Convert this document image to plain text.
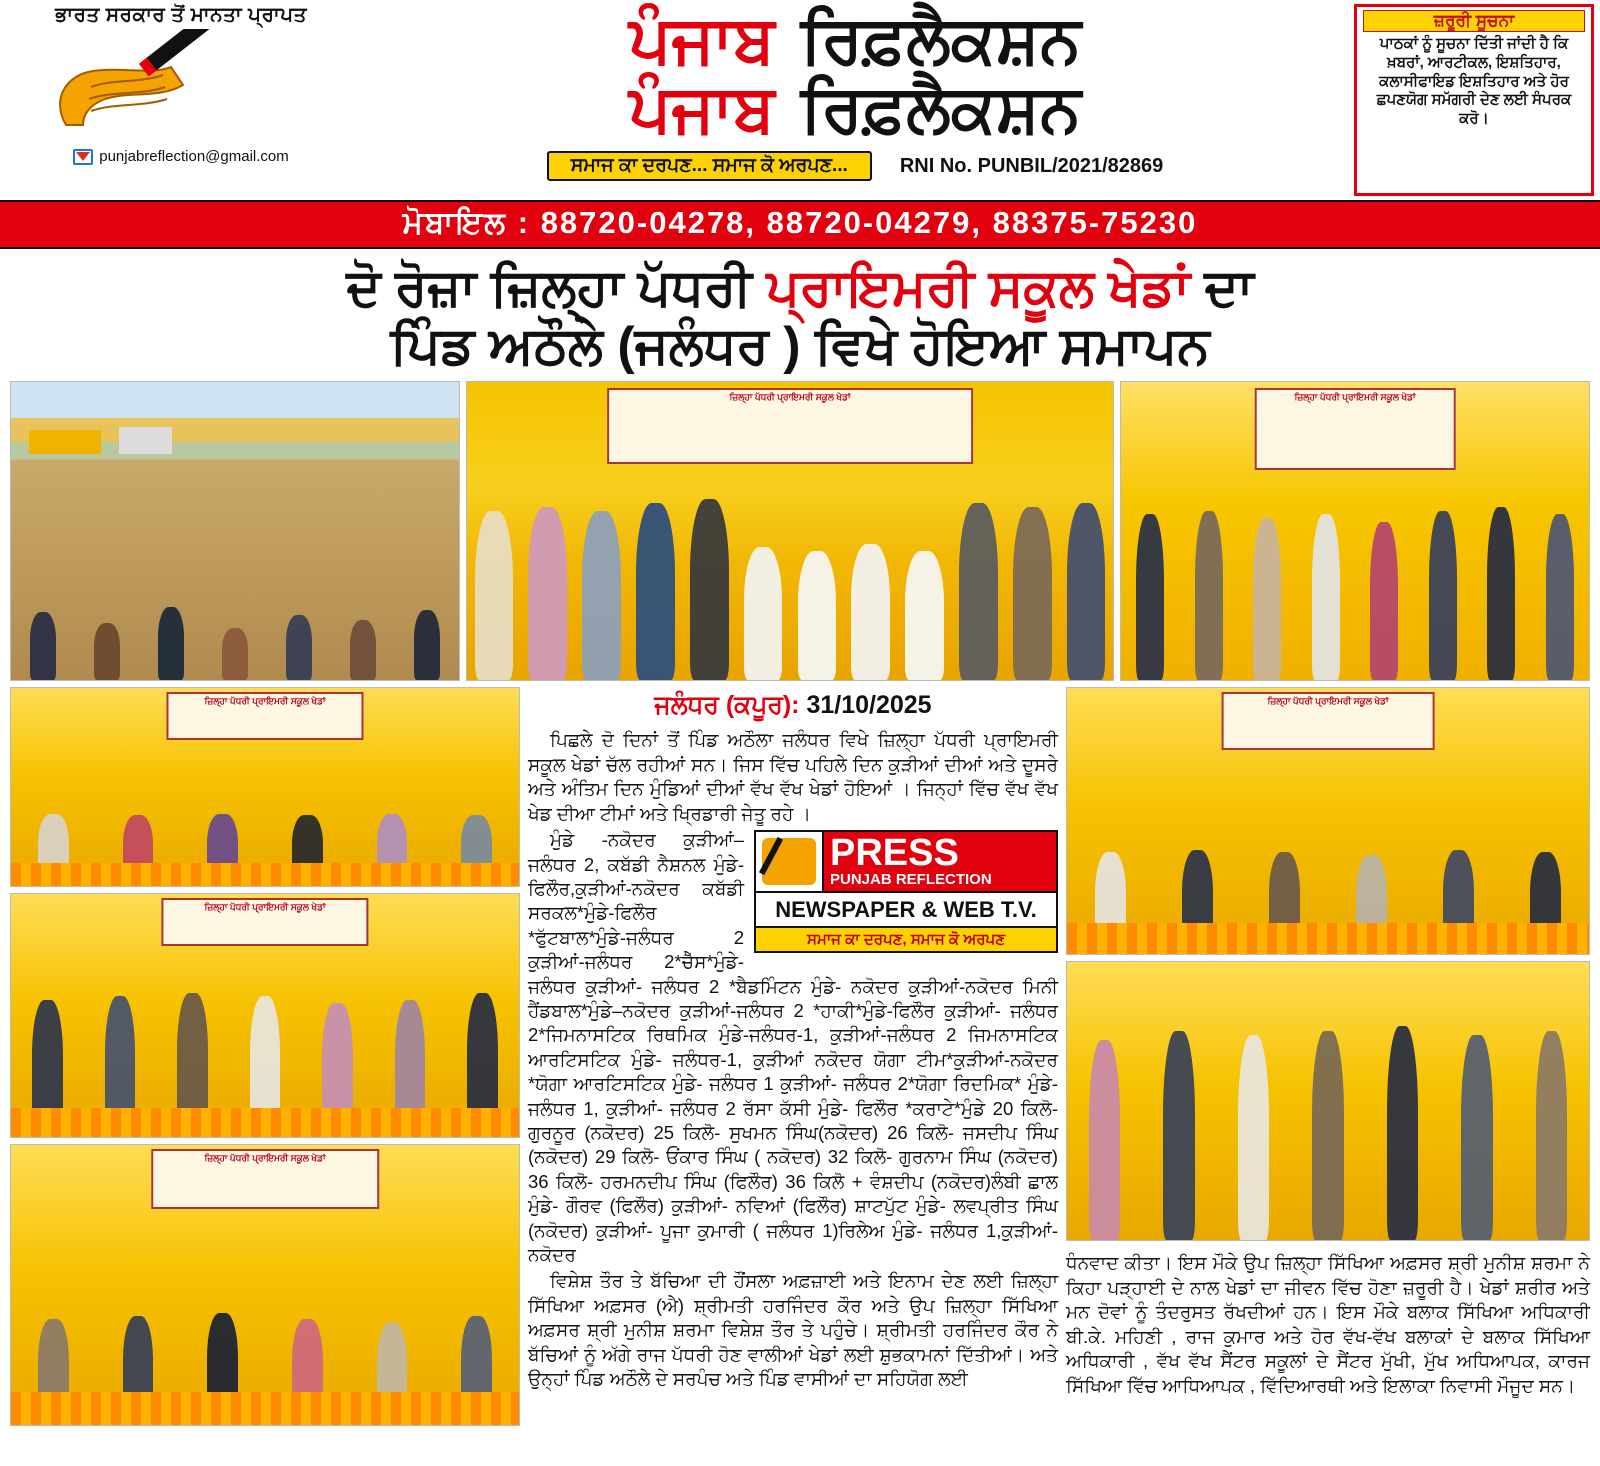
ਭਾਰਤ ਸਰਕਾਰ ਤੋਂ ਮਾਨਤਾ ਪ੍ਰਾਪਤ
punjabreflection@gmail.com
ਪੰਜਾਬ ਰਿਫ਼ਲੈਕਸ਼ਨ
ਪੰਜਾਬ ਰਿਫ਼ਲੈਕਸ਼ਨ
ਸਮਾਜ ਕਾ ਦਰਪਣ... ਸਮਾਜ ਕੋ ਅਰਪਣ...	RNI No. PUNBIL/2021/82869
ਜ਼ਰੂਰੀ ਸੂਚਨਾ
ਪਾਠਕਾਂ ਨੂੰ ਸੂਚਨਾ ਦਿੱਤੀ ਜਾਂਦੀ ਹੈ ਕਿ ਖ਼ਬਰਾਂ, ਆਰਟੀਕਲ, ਇਸ਼ਤਿਹਾਰ, ਕਲਾਸੀਫਾਇਡ ਇਸ਼ਤਿਹਾਰ ਅਤੇ ਹੋਰ ਛਪਣਯੋਗ ਸਮੱਗਰੀ ਦੇਣ ਲਈ ਸੰਪਰਕ ਕਰੋ।
ਮੋਬਾਇਲ : 88720-04278, 88720-04279, 88375-75230
ਦੋ ਰੋਜ਼ਾ ਜ਼ਿਲ੍ਹਾ ਪੱਧਰੀ ਪ੍ਰਾਇਮਰੀ ਸਕੂਲ ਖੇਡਾਂ ਦਾ
ਪਿੰਡ ਅਠੌਲੇ (ਜਲੰਧਰ ) ਵਿਖੇ ਹੋਇਆ ਸਮਾਪਨ
ਜ਼ਿਲ੍ਹਾ ਪੱਧਰੀ ਪ੍ਰਾਇਮਰੀ ਸਕੂਲ ਖੇਡਾਂ	ਜ਼ਿਲ੍ਹਾ ਪੱਧਰੀ ਪ੍ਰਾਇਮਰੀ ਸਕੂਲ ਖੇਡਾਂ
ਜ਼ਿਲ੍ਹਾ ਪੱਧਰੀ ਪ੍ਰਾਇਮਰੀ ਸਕੂਲ ਖੇਡਾਂ
ਜ਼ਿਲ੍ਹਾ ਪੱਧਰੀ ਪ੍ਰਾਇਮਰੀ ਸਕੂਲ ਖੇਡਾਂ
ਜ਼ਿਲ੍ਹਾ ਪੱਧਰੀ ਪ੍ਰਾਇਮਰੀ ਸਕੂਲ ਖੇਡਾਂ
ਜਲੰਧਰ (ਕਪੂਰ): 31/10/2025

ਪਿਛਲੇ ਦੋ ਦਿਨਾਂ ਤੋਂ ਪਿੰਡ ਅਠੌਲਾ ਜਲੰਧਰ ਵਿਖੇ ਜ਼ਿਲ੍ਹਾ ਪੱਧਰੀ ਪ੍ਰਾਇਮਰੀ ਸਕੂਲ ਖੇਡਾਂ ਚੱਲ ਰਹੀਆਂ ਸਨ। ਜਿਸ ਵਿੱਚ ਪਹਿਲੇ ਦਿਨ ਕੁੜੀਆਂ ਦੀਆਂ ਅਤੇ ਦੂਸਰੇ ਅਤੇ ਅੰਤਿਮ ਦਿਨ ਮੁੰਡਿਆਂ ਦੀਆਂ ਵੱਖ ਵੱਖ ਖੇਡਾਂ ਹੋਇਆਂ । ਜਿਨ੍ਹਾਂ ਵਿੱਚ ਵੱਖ ਵੱਖ ਖੇਡ ਦੀਆ ਟੀਮਾਂ ਅਤੇ ਖ੍ਰਿਡਾਰੀ ਜੇਤੂ ਰਹੇ ।

PRESS
PUNJAB REFLECTION
NEWSPAPER & WEB T.V.
ਸਮਾਜ ਕਾ ਦਰਪਣ, ਸਮਾਜ ਕੋ ਅਰਪਣ

ਮੁੰਡੇ -ਨਕੋਦਰ ਕੁੜੀਆਂ– ਜਲੰਧਰ 2, ਕਬੱਡੀ ਨੈਸ਼ਨਲ ਮੁੰਡੇ-ਫਿਲੌਰ,ਕੁੜੀਆਂ-ਨਕੋਦਰ ਕਬੱਡੀ ਸਰਕਲ*ਮੁੰਡੇ-ਫਿਲੌਰ *ਫੁੱਟਬਾਲ*ਮੁੰਡੇ-ਜਲੰਧਰ 2 ਕੁੜੀਆਂ-ਜਲੰਧਰ 2*ਚੈੱਸ*ਮੁੰਡੇ-ਜਲੰਧਰ ਕੁੜੀਆਂ- ਜਲੰਧਰ 2 *ਬੈਡਮਿੰਟਨ ਮੁੰਡੇ- ਨਕੋਦਰ ਕੁੜੀਆਂ-ਨਕੋਦਰ ਮਿਨੀ ਹੈਂਡਬਾਲ*ਮੁੰਡੇ–ਨਕੋਦਰ ਕੁੜੀਆਂ-ਜਲੰਧਰ 2 *ਹਾਕੀ*ਮੁੰਡੇ-ਫਿਲੌਰ ਕੁੜੀਆਂ- ਜਲੰਧਰ 2*ਜਿਮਨਾਸਟਿਕ ਰਿਥਮਿਕ ਮੁੰਡੇ-ਜਲੰਧਰ-1, ਕੁੜੀਆਂ-ਜਲੰਧਰ 2 ਜਿਮਨਾਸਟਿਕ ਆਰਟਿਸਟਿਕ ਮੁੰਡੇ- ਜਲੰਧਰ-1, ਕੁੜੀਆਂ ਨਕੋਦਰ ਯੋਗਾ ਟੀਮ*ਕੁੜੀਆਂ-ਨਕੋਦਰ *ਯੋਗਾ ਆਰਟਿਸਟਿਕ ਮੁੰਡੇ- ਜਲੰਧਰ 1 ਕੁੜੀਆਂ- ਜਲੰਧਰ 2*ਯੋਗਾ ਰਿਦਮਿਕ* ਮੁੰਡੇ-ਜਲੰਧਰ 1, ਕੁੜੀਆਂ- ਜਲੰਧਰ 2 ਰੱਸਾ ਕੱਸੀ ਮੁੰਡੇ- ਫਿਲੌਰ *ਕਰਾਟੇ*ਮੁੰਡੇ 20 ਕਿਲੋ-ਗੁਰਨੂਰ (ਨਕੋਦਰ) 25 ਕਿਲੋ- ਸੁਖਮਨ ਸਿੰਘ(ਨਕੋਦਰ) 26 ਕਿਲੋ- ਜਸਦੀਪ ਸਿੰਘ (ਨਕੋਦਰ) 29 ਕਿਲੋ- ਓਂਕਾਰ ਸਿੰਘ ( ਨਕੋਦਰ) 32 ਕਿਲੋ- ਗੁਰਨਾਮ ਸਿੰਘ (ਨਕੋਦਰ) 36 ਕਿਲੋ- ਹਰਮਨਦੀਪ ਸਿੰਘ (ਫਿਲੌਰ) 36 ਕਿਲੋ + ਵੰਸ਼ਦੀਪ (ਨਕੋਦਰ)ਲੰਬੀ ਛਾਲ ਮੁੰਡੇ- ਗੌਰਵ (ਫਿਲੌਰ) ਕੁੜੀਆਂ- ਨਵਿਆਂ (ਫਿਲੌਰ) ਸ਼ਾਟਪੁੱਟ ਮੁੰਡੇ- ਲਵਪ੍ਰੀਤ ਸਿੰਘ (ਨਕੋਦਰ) ਕੁੜੀਆਂ- ਪੂਜਾ ਕੁਮਾਰੀ ( ਜਲੰਧਰ 1)ਰਿਲੇਅ ਮੁੰਡੇ- ਜਲੰਧਰ 1,ਕੁੜੀਆਂ- ਨਕੋਦਰ

ਵਿਸ਼ੇਸ਼ ਤੌਰ ਤੇ ਬੱਚਿਆ ਦੀ ਹੌਂਸਲਾ ਅਫ਼ਜ਼ਾਈ ਅਤੇ ਇਨਾਮ ਦੇਣ ਲਈ ਜ਼ਿਲ੍ਹਾ ਸਿੱਖਿਆ ਅਫ਼ਸਰ (ਐ) ਸ਼੍ਰੀਮਤੀ ਹਰਜਿੰਦਰ ਕੌਰ ਅਤੇ ਉਪ ਜ਼ਿਲ੍ਹਾ ਸਿੱਖਿਆ ਅਫ਼ਸਰ ਸ਼੍ਰੀ ਮੁਨੀਸ਼ ਸ਼ਰਮਾ ਵਿਸ਼ੇਸ਼ ਤੌਰ ਤੇ ਪਹੁੰਚੇ। ਸ਼੍ਰੀਮਤੀ ਹਰਜਿੰਦਰ ਕੌਰ ਨੇ ਬੱਚਿਆਂ ਨੂੰ ਅੱਗੇ ਰਾਜ ਪੱਧਰੀ ਹੋਣ ਵਾਲੀਆਂ ਖੇਡਾਂ ਲਈ ਸ਼ੁਭਕਾਮਨਾਂ ਦਿੱਤੀਆਂ। ਅਤੇ ਉਨ੍ਹਾਂ ਪਿੰਡ ਅਠੌਲੇ ਦੇ ਸਰਪੰਚ ਅਤੇ ਪਿੰਡ ਵਾਸੀਆਂ ਦਾ ਸਹਿਯੋਗ ਲਈ

ਜ਼ਿਲ੍ਹਾ ਪੱਧਰੀ ਪ੍ਰਾਇਮਰੀ ਸਕੂਲ ਖੇਡਾਂ
ਧੰਨਵਾਦ ਕੀਤਾ। ਇਸ ਮੌਕੇ ਉਪ ਜ਼ਿਲ੍ਹਾ ਸਿੱਖਿਆ ਅਫ਼ਸਰ ਸ਼੍ਰੀ ਮੁਨੀਸ਼ ਸ਼ਰਮਾ ਨੇ ਕਿਹਾ ਪੜ੍ਹਾਈ ਦੇ ਨਾਲ ਖੇਡਾਂ ਦਾ ਜੀਵਨ ਵਿੱਚ ਹੋਣਾ ਜ਼ਰੂਰੀ ਹੈ। ਖੇਡਾਂ ਸ਼ਰੀਰ ਅਤੇ ਮਨ ਦੋਵਾਂ ਨੂੰ ਤੰਦਰੁਸਤ ਰੱਖਦੀਆਂ ਹਨ। ਇਸ ਮੌਕੇ ਬਲਾਕ ਸਿੱਖਿਆ ਅਧਿਕਾਰੀ ਬੀ.ਕੇ. ਮਹਿਣੀ , ਰਾਜ ਕੁਮਾਰ ਅਤੇ ਹੋਰ ਵੱਖ-ਵੱਖ ਬਲਾਕਾਂ ਦੇ ਬਲਾਕ ਸਿੱਖਿਆ ਅਧਿਕਾਰੀ , ਵੱਖ ਵੱਖ ਸੈਂਟਰ ਸਕੂਲਾਂ ਦੇ ਸੈਂਟਰ ਮੁੱਖੀ, ਮੁੱਖ ਅਧਿਆਪਕ, ਕਾਰਜ ਸਿੱਖਿਆ ਵਿੱਚ ਆਧਿਆਪਕ , ਵਿੱਦਿਆਰਥੀ ਅਤੇ ਇਲਾਕਾ ਨਿਵਾਸੀ ਮੌਜੂਦ ਸਨ।
